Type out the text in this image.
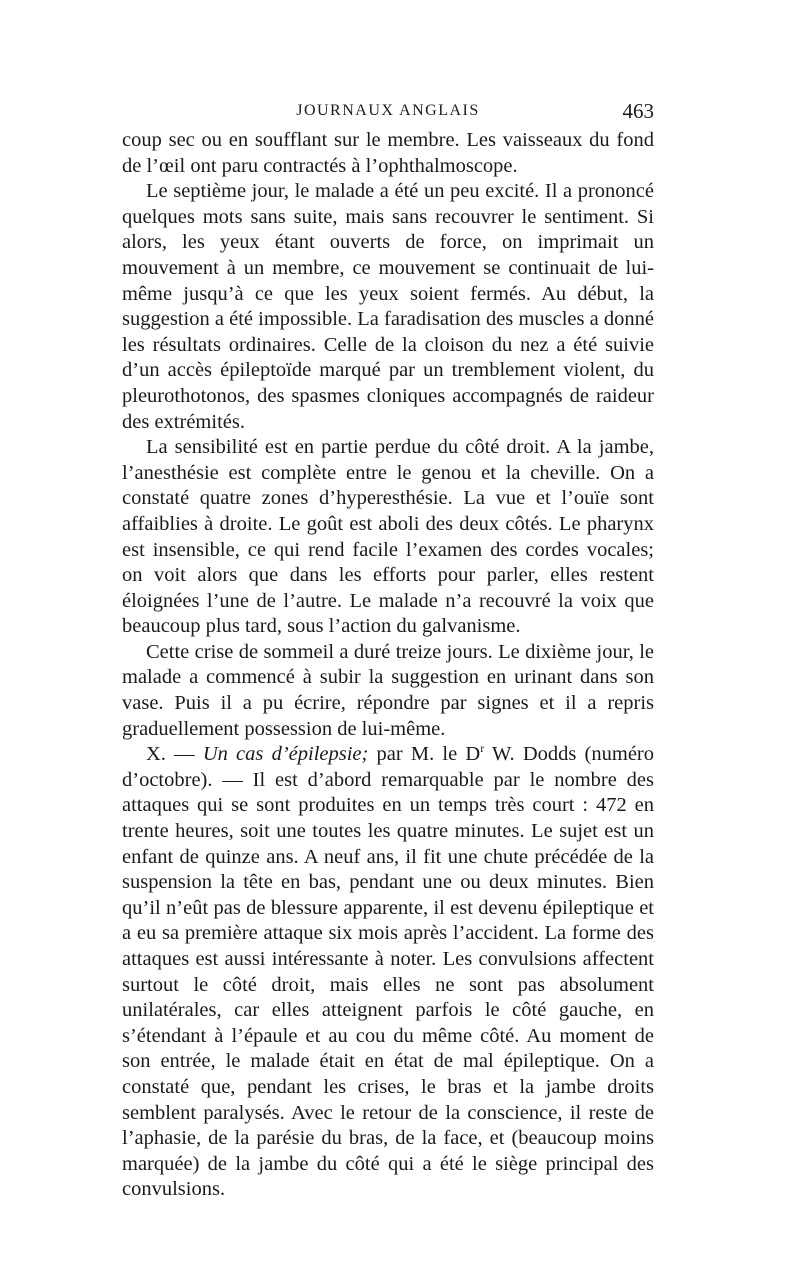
JOURNAUX ANGLAIS	463

coup sec ou en soufflant sur le membre. Les vaisseaux du fond de l’œil ont paru contractés à l’ophthalmoscope.

Le septième jour, le malade a été un peu excité. Il a prononcé quelques mots sans suite, mais sans recouvrer le sentiment. Si alors, les yeux étant ouverts de force, on imprimait un mouvement à un membre, ce mouvement se continuait de lui-même jusqu’à ce que les yeux soient fermés. Au début, la suggestion a été impossible. La faradisation des muscles a donné les résultats ordinaires. Celle de la cloison du nez a été suivie d’un accès épileptoïde marqué par un tremblement violent, du pleurothotonos, des spasmes cloniques accompagnés de raideur des extrémités.

La sensibilité est en partie perdue du côté droit. A la jambe, l’anesthésie est complète entre le genou et la cheville. On a constaté quatre zones d’hyperesthésie. La vue et l’ouïe sont affaiblies à droite. Le goût est aboli des deux côtés. Le pharynx est insensible, ce qui rend facile l’examen des cordes vocales; on voit alors que dans les efforts pour parler, elles restent éloignées l’une de l’autre. Le malade n’a recouvré la voix que beaucoup plus tard, sous l’action du galvanisme.

Cette crise de sommeil a duré treize jours. Le dixième jour, le malade a commencé à subir la suggestion en urinant dans son vase. Puis il a pu écrire, répondre par signes et il a repris graduellement possession de lui-même.

X. — Un cas d’épilepsie; par M. le $D^r$ W. Dodds (numéro d’octobre). — Il est d’abord remarquable par le nombre des attaques qui se sont produites en un temps très court : 472 en trente heures, soit une toutes les quatre minutes. Le sujet est un enfant de quinze ans. A neuf ans, il fit une chute précédée de la suspension la tête en bas, pendant une ou deux minutes. Bien qu’il n’eût pas de blessure apparente, il est devenu épileptique et a eu sa première attaque six mois après l’accident. La forme des attaques est aussi intéressante à noter. Les convulsions affectent surtout le côté droit, mais elles ne sont pas absolument unilatérales, car elles atteignent parfois le côté gauche, en s’étendant à l’épaule et au cou du même côté. Au moment de son entrée, le malade était en état de mal épileptique. On a constaté que, pendant les crises, le bras et la jambe droits semblent paralysés. Avec le retour de la conscience, il reste de l’aphasie, de la parésie du bras, de la face, et (beaucoup moins marquée) de la jambe du côté qui a été le siège principal des convulsions.
